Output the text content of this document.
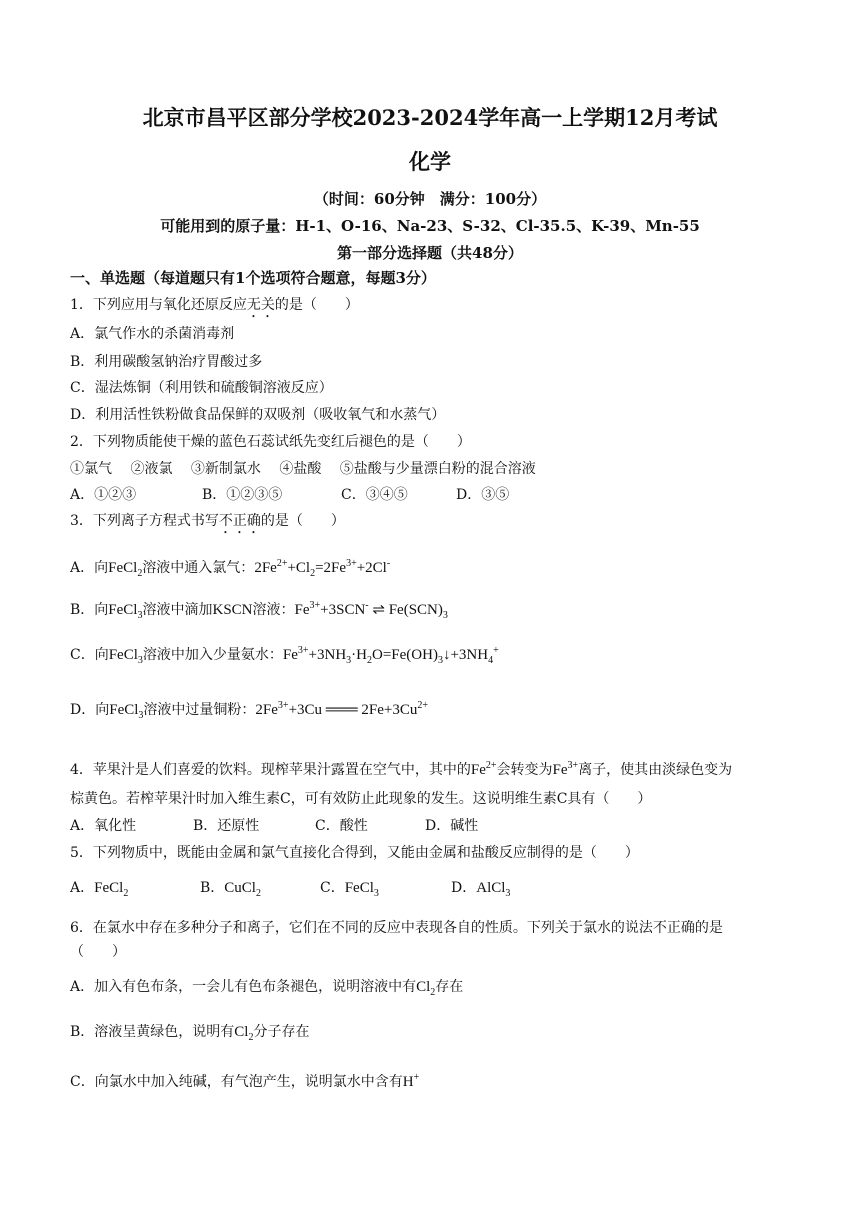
北京市昌平区部分学校2023-2024学年高一上学期12月考试
化学
（时间：60分钟　满分：100分）
可能用到的原子量：H-1、O-16、Na-23、S-32、Cl-35.5、K-39、Mn-55
第一部分选择题（共48分）
一、单选题（每道题只有1个选项符合题意，每题3分）
1．下列应用与氧化还原反应无关的是（　　）
A．氯气作水的杀菌消毒剂
B．利用碳酸氢钠治疗胃酸过多
C．湿法炼铜（利用铁和硫酸铜溶液反应）
D．利用活性铁粉做食品保鲜的双吸剂（吸收氧气和水蒸气）
2．下列物质能使干燥的蓝色石蕊试纸先变红后褪色的是（　　）
①氯气　 ②液氯　 ③新制氯水　 ④盐酸　 ⑤盐酸与少量漂白粉的混合溶液
A．①②③	B．①②③⑤	C．③④⑤	D．③⑤
3．下列离子方程式书写不正确的是（　　）
A．向FeCl$_2$溶液中通入氯气：$2Fe^{2+}+Cl_2=2Fe^{3+}+2Cl^-$
B．向FeCl$_3$溶液中滴加KSCN溶液：$Fe^{3+}+3SCN^-$ ⇌ $Fe(SCN)_3$
C．向FeCl$_3$溶液中加入少量氨水：$Fe^{3+}+3NH_3\cdot H_2O=Fe(OH)_3↓+3NH_4^+$
D．向FeCl$_3$溶液中过量铜粉：$2Fe^{3+}+3Cu$ ═══ $2Fe+3Cu^{2+}$
4．苹果汁是人们喜爱的饮料。现榨苹果汁露置在空气中，其中的$Fe^{2+}$会转变为$Fe^{3+}$离子，使其由淡绿色变为
棕黄色。若榨苹果汁时加入维生素C，可有效防止此现象的发生。这说明维生素C具有（　　）
A．氧化性	B．还原性	C．酸性	D．碱性
5．下列物质中，既能由金属和氯气直接化合得到，又能由金属和盐酸反应制得的是（　　）
A．FeCl$_2$	B．CuCl$_2$	C．FeCl$_3$	D．AlCl$_3$
6．在氯水中存在多种分子和离子，它们在不同的反应中表现各自的性质。下列关于氯水的说法不正确的是
（　　）
A．加入有色布条，一会儿有色布条褪色，说明溶液中有$Cl_2$存在
B．溶液呈黄绿色，说明有$Cl_2$分子存在
C．向氯水中加入纯碱，有气泡产生，说明氯水中含有H+
